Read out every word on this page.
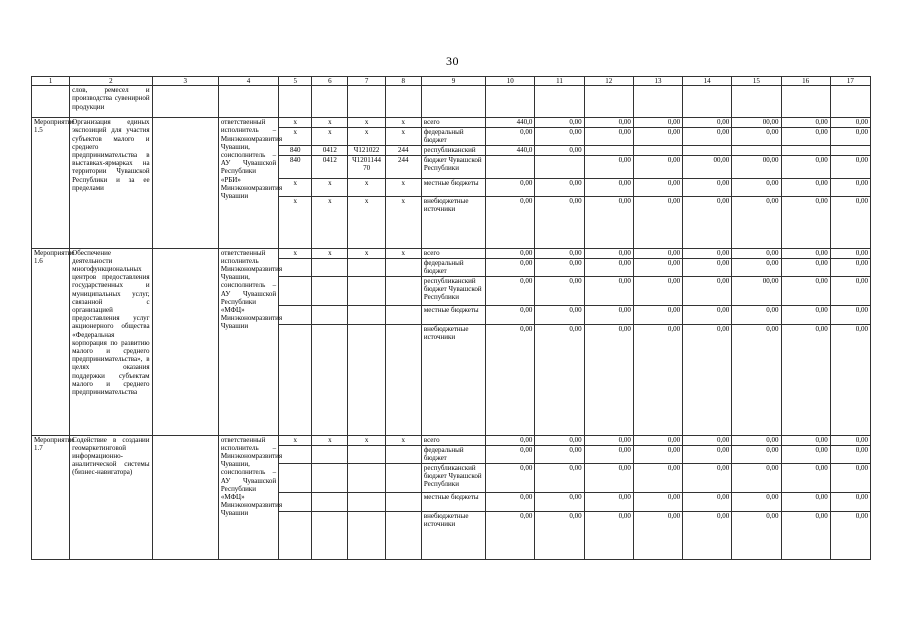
30
1	2	3	4	5	6	7	8	9	10	11	12	13	14	15	16	17
	слов, ремесел и производства сувенирной продукции															
Мероприятие 1.5	Организация единых экспозиций для участия субъектов малого и среднего предпринимательства в выставках-ярмарках на территории Чувашской Республики и за ее пределами		ответственный исполнитель – Минэкономразвития Чувашии, соисполнитель – АУ Чувашской Республики «РБИ» Минэкономразвития Чувашии	x	x	x	x	всего	440,0	0,00	0,00	0,00	0,00	00,00	0,00	0,00
				x	x	x	x	федеральный бюджет	0,00	0,00	0,00	0,00	0,00	0,00	0,00	0,00
				840	0412	Ч121022	244	республиканский	440,0	0,00						
				840	0412	Ч1201144 70	244	бюджет Чувашской Республики			0,00	0,00	00,00	00,00	0,00	0,00
				x	x	x	x	местные бюджеты	0,00	0,00	0,00	0,00	0,00	0,00	0,00	0,00
				x	x	x	x	внебюджетные источники	0,00	0,00	0,00	0,00	0,00	0,00	0,00	0,00
Мероприятие 1.6	Обеспечение деятельности многофункциональных центров предоставления государственных и муниципальных услуг, связанной с организацией предоставления услуг акционерного общества «Федеральная корпорация по развитию малого и среднего предпринимательства», в целях оказания поддержки субъектам малого и среднего предпринимательства		ответственный исполнитель Минэкономразвития Чувашии, соисполнитель – АУ Чувашской Республики «МФЦ» Минэкономразвития Чувашии	x	x	x	x	всего	0,00	0,00	0,00	0,00	0,00	0,00	0,00	0,00
								федеральный бюджет	0,00	0,00	0,00	0,00	0,00	0,00	0,00	0,00
								республиканский бюджет Чувашской Республики	0,00	0,00	0,00	0,00	0,00	00,00	0,00	0,00
								местные бюджеты	0,00	0,00	0,00	0,00	0,00	0,00	0,00	0,00
								внебюджетные источники	0,00	0,00	0,00	0,00	0,00	0,00	0,00	0,00
Мероприятие 1.7	Содействие в создании геомаркетинговой информационно-аналитической системы (бизнес-навигатора)		ответственный исполнитель – Минэкономразвития Чувашии, соисполнитель – АУ Чувашской Республики «МФЦ» Минэкономразвития Чувашии	x	x	x	x	всего	0,00	0,00	0,00	0,00	0,00	0,00	0,00	0,00
								федеральный бюджет	0,00	0,00	0,00	0,00	0,00	0,00	0,00	0,00
								республиканский бюджет Чувашской Республики	0,00	0,00	0,00	0,00	0,00	0,00	0,00	0,00
								местные бюджеты	0,00	0,00	0,00	0,00	0,00	0,00	0,00	0,00
								внебюджетные источники	0,00	0,00	0,00	0,00	0,00	0,00	0,00	0,00
